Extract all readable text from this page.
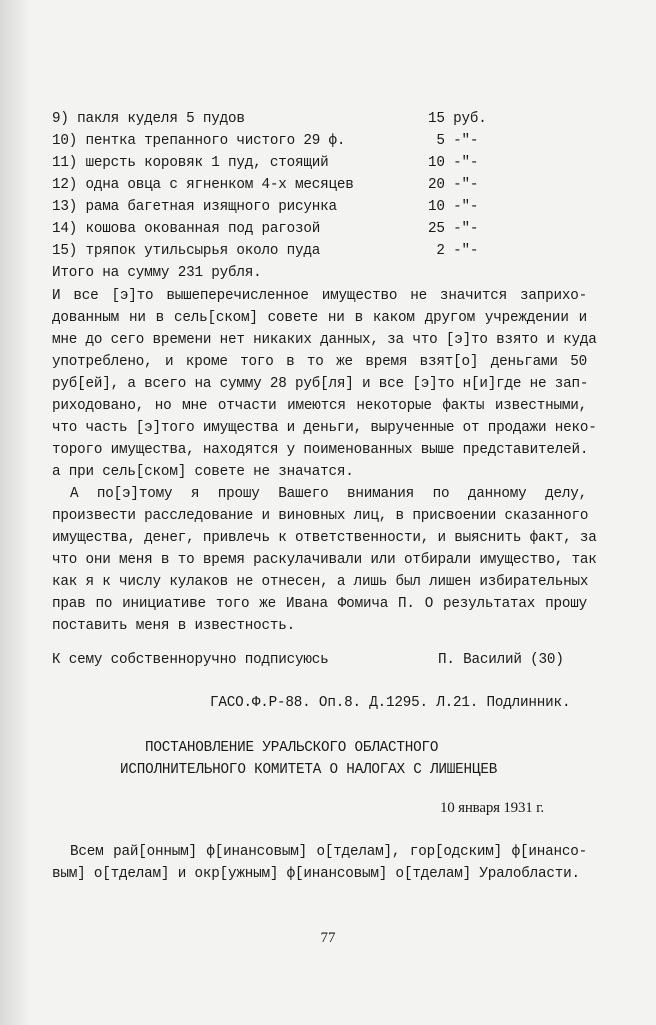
9) пакля куделя 5 пудов	15 руб.
10) пентка трепанного чистого 29 ф.	5 -"-
11) шерсть коровяк 1 пуд, стоящий	10 -"-
12) одна овца с ягненком 4-х месяцев	20 -"-
13) рама багетная изящного рисунка	10 -"-
14) кошова окованная под рагозой	25 -"-
15) тряпок утильсырья около пуда	2 -"-
Итого на сумму 231 рубля.
И все [э]то вышеперечисленное имущество не значится заприхо-
дованным ни в сель[ском] совете ни в каком другом учреждении и
мне до сего времени нет никаких данных, за что [э]то взято и куда
употреблено, и кроме того в то же время взят[о] деньгами 50
руб[ей], а всего на сумму 28 руб[ля] и все [э]то н[и]где не зап-
риходовано, но мне отчасти имеются некоторые факты известными,
что часть [э]того имущества и деньги, вырученные от продажи неко-
торого имущества, находятся у поименованных выше представителей.
а при сель[ском] совете не значатся.
А по[э]тому я прошу Вашего внимания по данному делу,
произвести расследование и виновных лиц, в присвоении сказанного
имущества, денег, привлечь к ответственности, и выяснить факт, за
что они меня в то время раскулачивали или отбирали имущество, так
как я к числу кулаков не отнесен, а лишь был лишен избирательных
прав по инициативе того же Ивана Фомича П. О результатах прошу
поставить меня в известность.
К сему собственноручно подписуюсь	П. Василий (30)
ГАСО.Ф.Р-88. Оп.8. Д.1295. Л.21. Подлинник.
ПОСТАНОВЛЕНИЕ УРАЛЬСКОГО ОБЛАСТНОГО
ИСПОЛНИТЕЛЬНОГО КОМИТЕТА О НАЛОГАХ С ЛИШЕНЦЕВ
10 января 1931 г.
Всем рай[онным] ф[инансовым] о[тделам], гор[одским] ф[инансо-
вым] о[тделам] и окр[ужным] ф[инансовым] о[тделам] Уралобласти.
77
